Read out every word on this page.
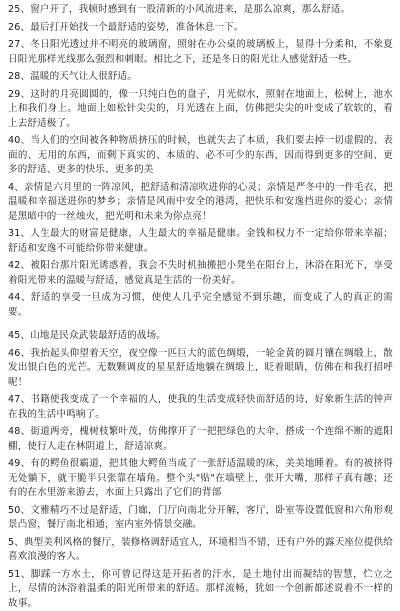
25、窗户开了，我顿时感到有一股清新的小风流进来，是那么凉爽，那么舒适。

26、最后打开始找一个最舒适的姿势，准备休息一下。

27、冬日阳光透过并不明亮的玻璃窗，照射在办公桌的玻璃板上，显得十分柔和，不象夏日阳光那样光线那么强烈和刺眼。相比之下，还是冬日的阳光让人感觉舒适一些。

28、温暖的天气让人很舒适。

29、这时的月亮圆圆的，像一只纯白色的盘子，月光似水，照射在地面上，松树上，池水上和我们身上。地面上如松针尖尖的，月光透在上面，仿佛把尖尖的叶变成了软软的，看上去舒适极了。

40、当人们的空间被各种物质挤压的时候，也就失去了本质，我们要去掉一切虚假的、表面的、无用的东西，而剩下真实的、本质的、必不可少的东西，因而得到更多的空间、更多的舒适、更多的快乐、更多的美

4、亲情是六月里的一阵凉风，把舒适和清凉吹进你的心灵；亲情是严冬中的一件毛衣，把温暖和幸福送进你的梦乡；亲情是风雨中安全的港湾，把快乐和安逸挡进你的爱心；亲情是黑暗中的一丝烛火，把光明和未来为你点亮！

31、人生最大的财富是健康，人生最大的幸福是健康。金钱和权力不一定给你带来幸福；舒适和安逸不可能给你带来健康。

42、被阳台那片阳光诱惑着，我会不失时机抽搬把小凳坐在阳台上，沐浴在阳光下，享受着阳光带来的温暖与舒适，感觉真是生活的一份美好。

44、舒适的享受一旦成为习惯，使使人几乎完全感觉不到乐趣，而变成了人的真正的需要。

45、山地是民众武装最舒适的战场。

46、我抬起头仰望着天空，夜空像一匹巨大的蓝色绸缎，一轮金黄的圆月镶在绸缎上，散发出银白色的光芒。无数颗调皮的星星舒适地躺在绸缎上，眨着眼睛，仿佛在和我打招呼呢！

47、书籍使我变成了一个幸福的人，使我的生活变成轻快而舒适的诗，好象新生活的钟声在我的生活中鸣响了。

48、街道两旁，槐树枝繁叶茂，仿佛撑开了一把把绿色的大伞，搭成一个连绵不断的遮阳棚，使行人走在林阴道上，舒适凉爽。

49、有的鳄鱼很霸道，把其他大鳄鱼当成了一张舒适温暖的床，美美地睡着。有的被挤得无处躺下，就干脆半只张靠在墙角。整个头"贴"在墙壁上，张开大嘴，那样子真有趣；还有的在水里游来游去，水面上只露出了它们的背部

50、文雅精巧不过是舒适，门廊，门厅向南北分开解，客厅，卧室等设置低窗和六角形观景凸窗，餐厅南北相通，室内室外情景交融。

5、典型美利风格的餐厅，装修格调舒适宜人，环境相当不错，还有户外的露天座位提供给喜欢浪漫的客人。

51、脚踩一方水土，你可曾记得这是开拓者的汗水，是土地付出而凝结的智慧，伫立之上，尽情的沐浴着温柔的阳光所带来的舒适。那样流畅，犹如一个创新都述说着不一样的故事。
